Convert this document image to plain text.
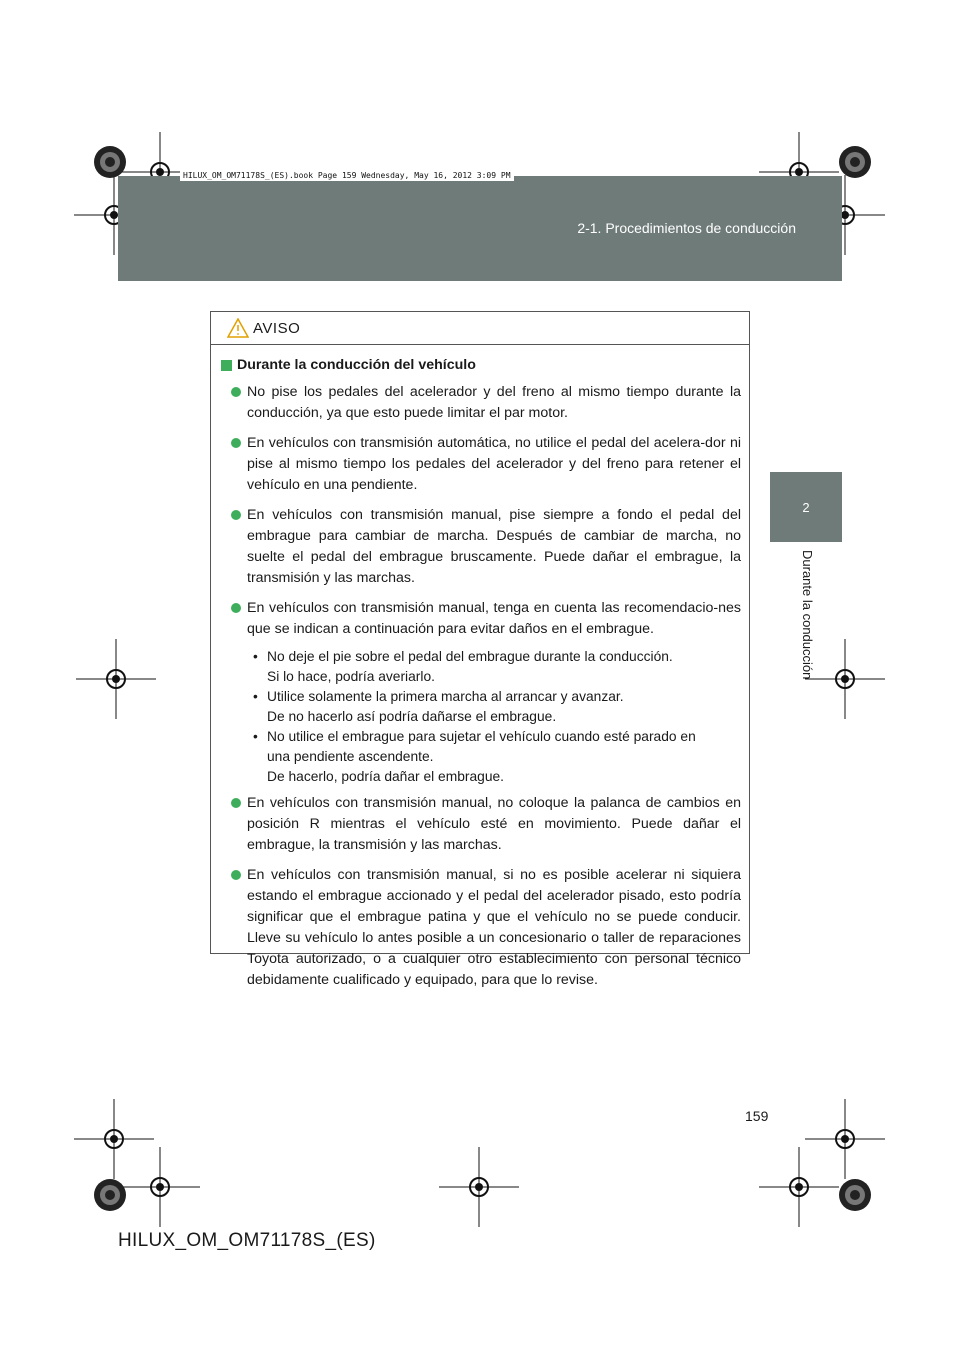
HILUX_OM_OM71178S_(ES).book Page 159 Wednesday, May 16, 2012 3:09 PM
2-1. Procedimientos de conducción
2
Durante la conducción
AVISO
Durante la conducción del vehículo
No pise los pedales del acelerador y del freno al mismo tiempo durante la conducción, ya que esto puede limitar el par motor.
En vehículos con transmisión automática, no utilice el pedal del acelera-dor ni pise al mismo tiempo los pedales del acelerador y del freno para retener el vehículo en una pendiente.
En vehículos con transmisión manual, pise siempre a fondo el pedal del embrague para cambiar de marcha. Después de cambiar de marcha, no suelte el pedal del embrague bruscamente. Puede dañar el embrague, la transmisión y las marchas.
En vehículos con transmisión manual, tenga en cuenta las recomendacio-nes que se indican a continuación para evitar daños en el embrague.
• No deje el pie sobre el pedal del embrague durante la conducción.
Si lo hace, podría averiarlo.
• Utilice solamente la primera marcha al arrancar y avanzar.
De no hacerlo así podría dañarse el embrague.
• No utilice el embrague para sujetar el vehículo cuando esté parado en
una pendiente ascendente.
De hacerlo, podría dañar el embrague.
En vehículos con transmisión manual, no coloque la palanca de cambios en posición R mientras el vehículo esté en movimiento. Puede dañar el embrague, la transmisión y las marchas.
En vehículos con transmisión manual, si no es posible acelerar ni siquiera estando el embrague accionado y el pedal del acelerador pisado, esto podría significar que el embrague patina y que el vehículo no se puede conducir. Lleve su vehículo lo antes posible a un concesionario o taller de reparaciones Toyota autorizado, o a cualquier otro establecimiento con personal técnico debidamente cualificado y equipado, para que lo revise.
159
HILUX_OM_OM71178S_(ES)
